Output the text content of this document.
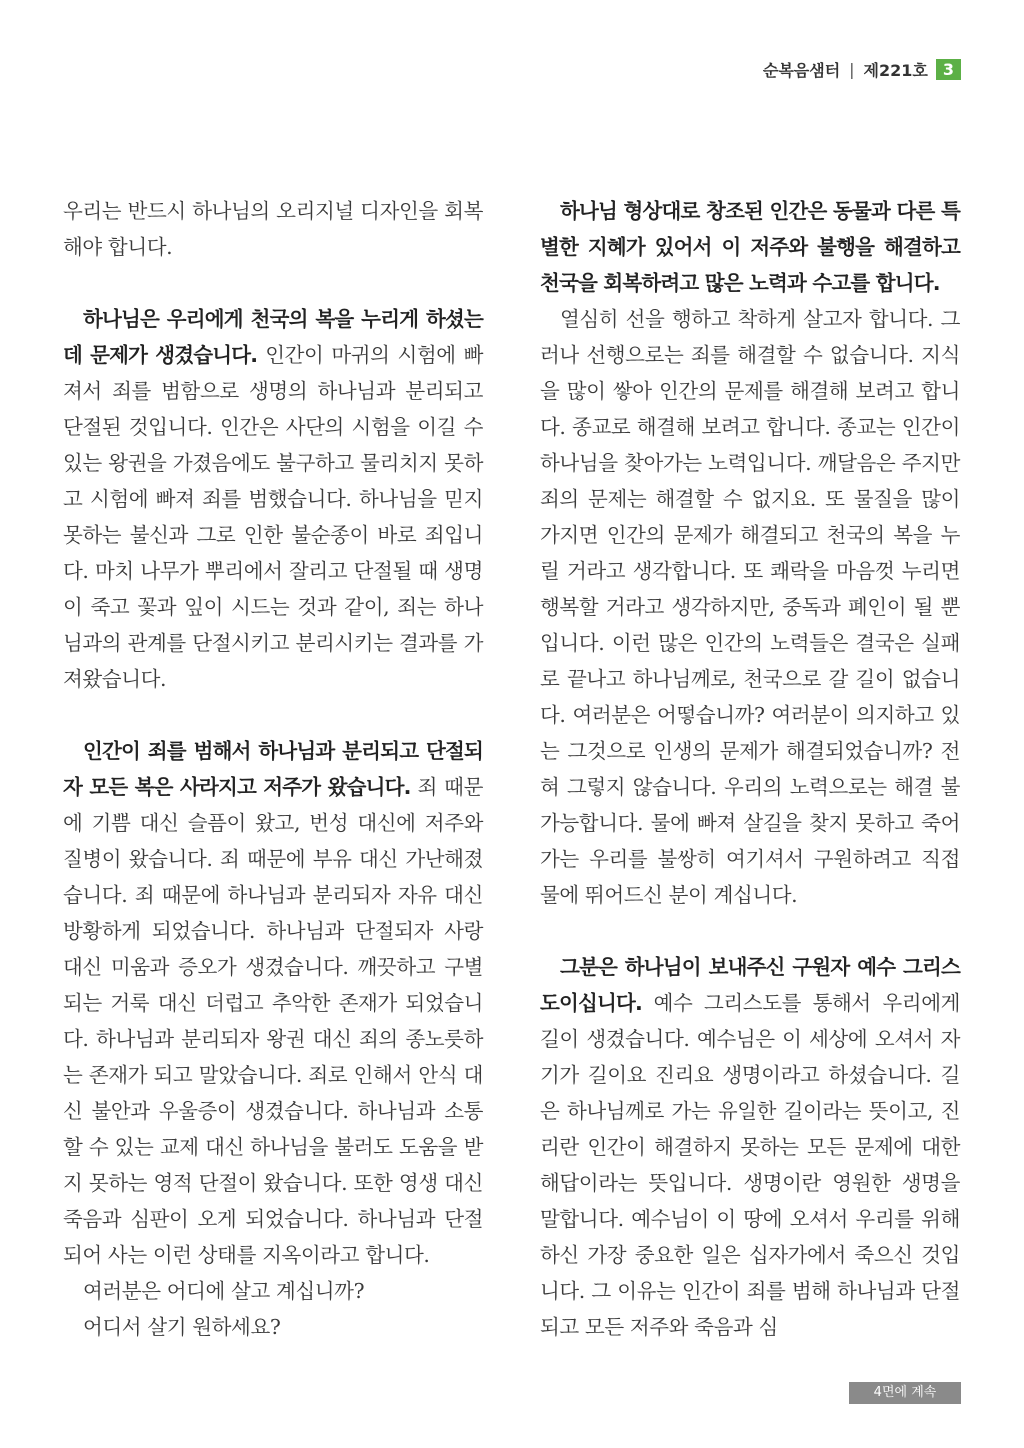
순복음샘터 | 제221호 3

우리는 반드시 하나님의 오리지널 디자인을 회복해야 합니다.

하나님은 우리에게 천국의 복을 누리게 하셨는데 문제가 생겼습니다. 인간이 마귀의 시험에 빠져서 죄를 범함으로 생명의 하나님과 분리되고 단절된 것입니다. 인간은 사단의 시험을 이길 수 있는 왕권을 가졌음에도 불구하고 물리치지 못하고 시험에 빠져 죄를 범했습니다. 하나님을 믿지 못하는 불신과 그로 인한 불순종이 바로 죄입니다. 마치 나무가 뿌리에서 잘리고 단절될 때 생명이 죽고 꽃과 잎이 시드는 것과 같이, 죄는 하나님과의 관계를 단절시키고 분리시키는 결과를 가져왔습니다.

인간이 죄를 범해서 하나님과 분리되고 단절되자 모든 복은 사라지고 저주가 왔습니다. 죄 때문에 기쁨 대신 슬픔이 왔고, 번성 대신에 저주와 질병이 왔습니다. 죄 때문에 부유 대신 가난해졌습니다. 죄 때문에 하나님과 분리되자 자유 대신 방황하게 되었습니다. 하나님과 단절되자 사랑 대신 미움과 증오가 생겼습니다. 깨끗하고 구별되는 거룩 대신 더럽고 추악한 존재가 되었습니다. 하나님과 분리되자 왕권 대신 죄의 종노릇하는 존재가 되고 말았습니다. 죄로 인해서 안식 대신 불안과 우울증이 생겼습니다. 하나님과 소통할 수 있는 교제 대신 하나님을 불러도 도움을 받지 못하는 영적 단절이 왔습니다. 또한 영생 대신 죽음과 심판이 오게 되었습니다. 하나님과 단절되어 사는 이런 상태를 지옥이라고 합니다.

여러분은 어디에 살고 계십니까?

어디서 살기 원하세요?

하나님 형상대로 창조된 인간은 동물과 다른 특별한 지혜가 있어서 이 저주와 불행을 해결하고 천국을 회복하려고 많은 노력과 수고를 합니다.

열심히 선을 행하고 착하게 살고자 합니다. 그러나 선행으로는 죄를 해결할 수 없습니다. 지식을 많이 쌓아 인간의 문제를 해결해 보려고 합니다. 종교로 해결해 보려고 합니다. 종교는 인간이 하나님을 찾아가는 노력입니다. 깨달음은 주지만 죄의 문제는 해결할 수 없지요. 또 물질을 많이 가지면 인간의 문제가 해결되고 천국의 복을 누릴 거라고 생각합니다. 또 쾌락을 마음껏 누리면 행복할 거라고 생각하지만, 중독과 폐인이 될 뿐입니다. 이런 많은 인간의 노력들은 결국은 실패로 끝나고 하나님께로, 천국으로 갈 길이 없습니다. 여러분은 어떻습니까? 여러분이 의지하고 있는 그것으로 인생의 문제가 해결되었습니까? 전혀 그렇지 않습니다. 우리의 노력으로는 해결 불가능합니다. 물에 빠져 살길을 찾지 못하고 죽어가는 우리를 불쌍히 여기셔서 구원하려고 직접 물에 뛰어드신 분이 계십니다.

그분은 하나님이 보내주신 구원자 예수 그리스도이십니다. 예수 그리스도를 통해서 우리에게 길이 생겼습니다. 예수님은 이 세상에 오셔서 자기가 길이요 진리요 생명이라고 하셨습니다. 길은 하나님께로 가는 유일한 길이라는 뜻이고, 진리란 인간이 해결하지 못하는 모든 문제에 대한 해답이라는 뜻입니다. 생명이란 영원한 생명을 말합니다. 예수님이 이 땅에 오셔서 우리를 위해 하신 가장 중요한 일은 십자가에서 죽으신 것입니다. 그 이유는 인간이 죄를 범해 하나님과 단절되고 모든 저주와 죽음과 심

4면에 계속
